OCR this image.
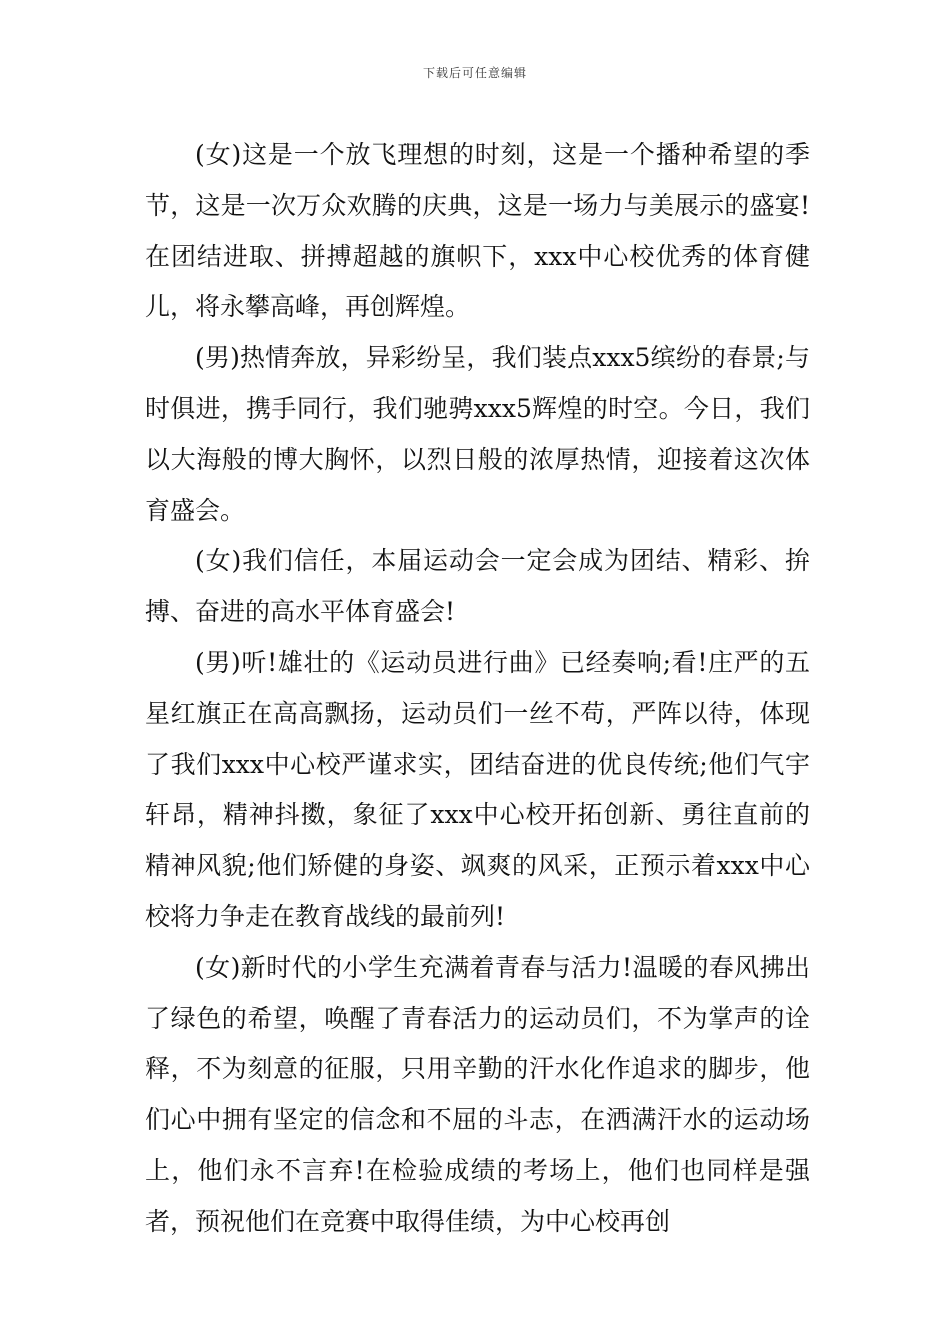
下载后可任意编辑

(女)这是一个放飞理想的时刻，这是一个播种希望的季节，这是一次万众欢腾的庆典，这是一场力与美展示的盛宴!在团结进取、拼搏超越的旗帜下，xxx中心校优秀的体育健儿，将永攀高峰，再创辉煌。

(男)热情奔放，异彩纷呈，我们装点xxx5缤纷的春景;与时俱进，携手同行，我们驰骋xxx5辉煌的时空。今日，我们以大海般的博大胸怀，以烈日般的浓厚热情，迎接着这次体育盛会。

(女)我们信任，本届运动会一定会成为团结、精彩、拚搏、奋进的高水平体育盛会!

(男)听!雄壮的《运动员进行曲》已经奏响;看!庄严的五星红旗正在高高飘扬，运动员们一丝不苟，严阵以待，体现了我们xxx中心校严谨求实，团结奋进的优良传统;他们气宇轩昂，精神抖擞，象征了xxx中心校开拓创新、勇往直前的精神风貌;他们矫健的身姿、飒爽的风采，正预示着xxx中心校将力争走在教育战线的最前列!

(女)新时代的小学生充满着青春与活力!温暖的春风拂出了绿色的希望，唤醒了青春活力的运动员们，不为掌声的诠释，不为刻意的征服，只用辛勤的汗水化作追求的脚步，他们心中拥有坚定的信念和不屈的斗志，在洒满汗水的运动场上，他们永不言弃!在检验成绩的考场上，他们也同样是强者，预祝他们在竞赛中取得佳绩，为中心校再创
